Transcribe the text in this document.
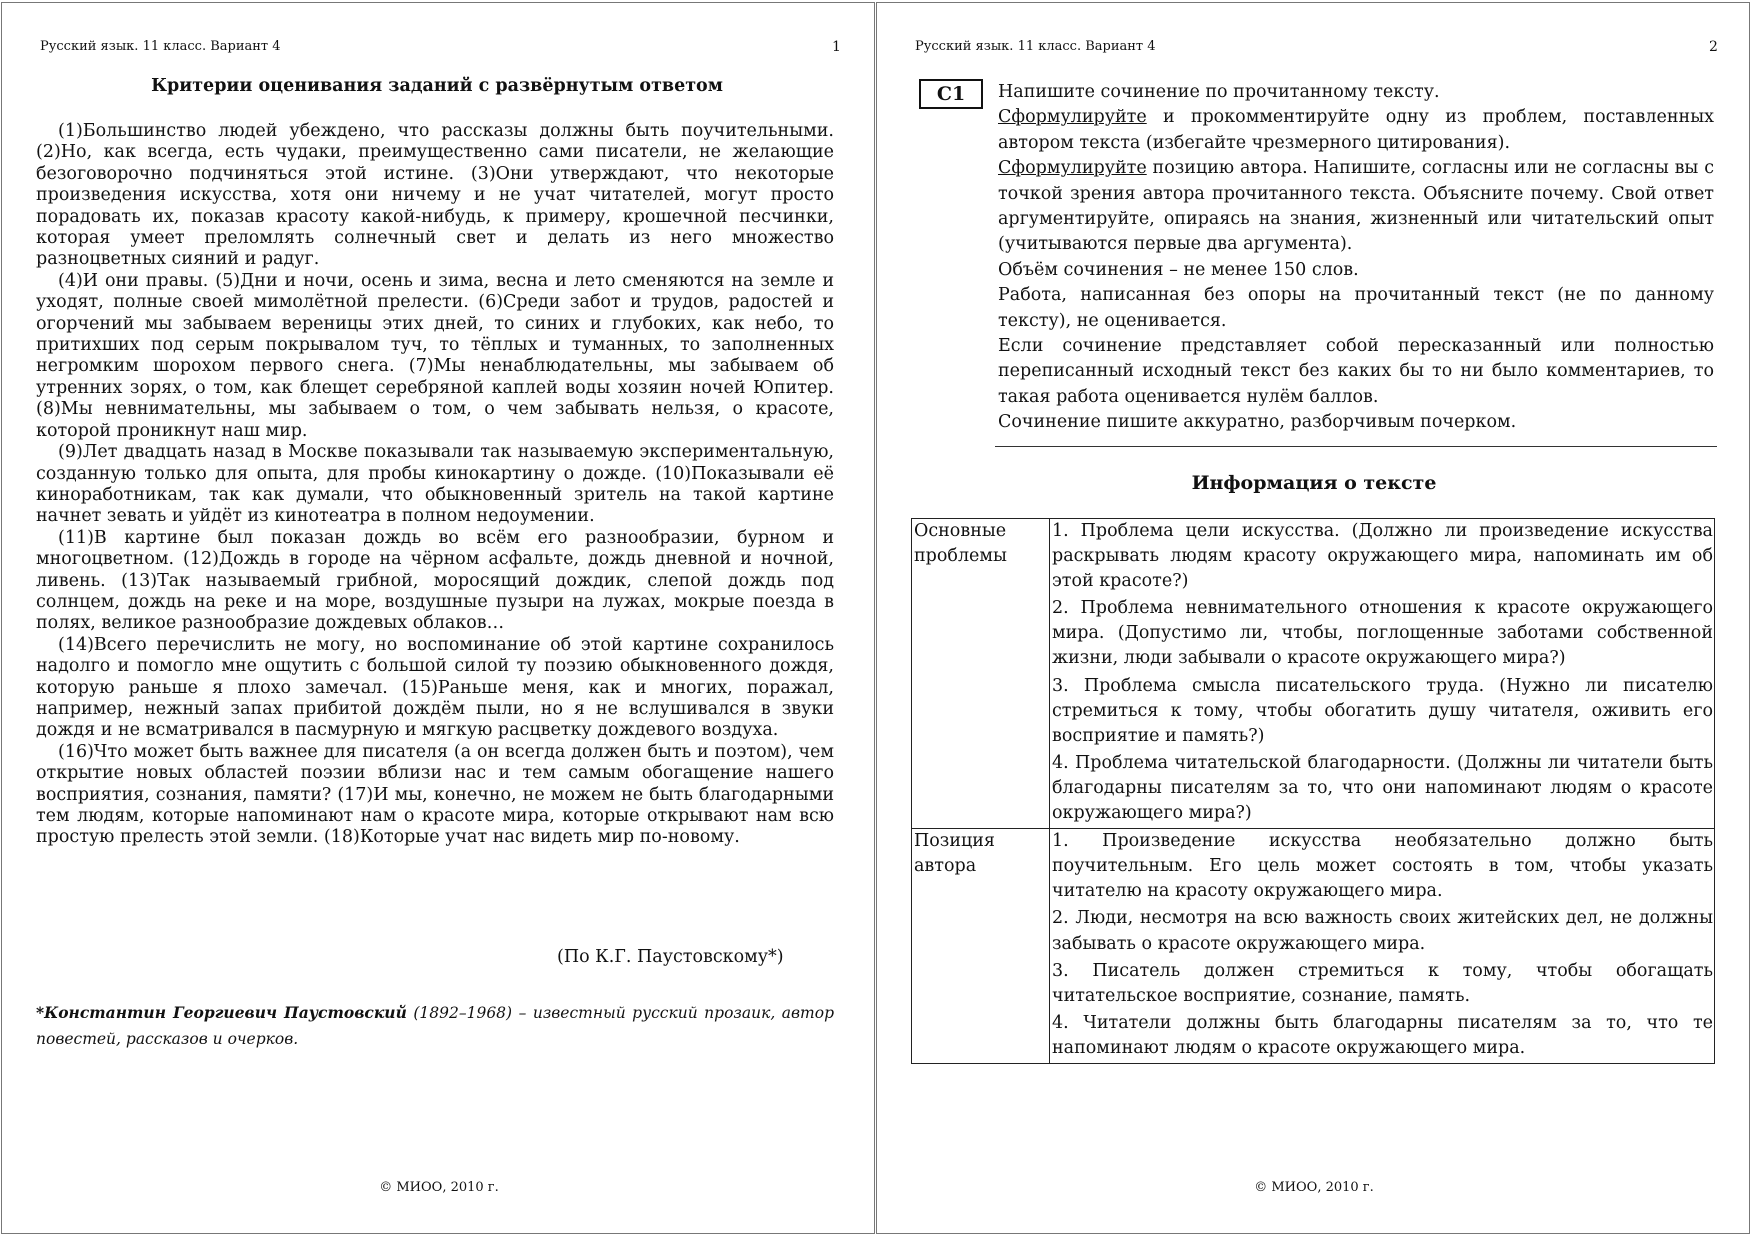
Русский язык. 11 класс. Вариант 4	1
Критерии оценивания заданий с развёрнутым ответом

(1)Большинство людей убеждено, что рассказы должны быть поучительными. (2)Но, как всегда, есть чудаки, преимущественно сами писатели, не желающие безоговорочно подчиняться этой истине. (3)Они утверждают, что некоторые произведения искусства, хотя они ничему и не учат читателей, могут просто порадовать их, показав красоту какой-нибудь, к примеру, крошечной песчинки, которая умеет преломлять солнечный свет и делать из него множество разноцветных сияний и радуг.

(4)И они правы. (5)Дни и ночи, осень и зима, весна и лето сменяются на земле и уходят, полные своей мимолётной прелести. (6)Среди забот и трудов, радостей и огорчений мы забываем вереницы этих дней, то синих и глубоких, как небо, то притихших под серым покрывалом туч, то тёплых и туманных, то заполненных негромким шорохом первого снега. (7)Мы ненаблюдательны, мы забываем об утренних зорях, о том, как блещет серебряной каплей воды хозяин ночей Юпитер. (8)Мы невнимательны, мы забываем о том, о чем забывать нельзя, о красоте, которой проникнут наш мир.

(9)Лет двадцать назад в Москве показывали так называемую экспериментальную, созданную только для опыта, для пробы кинокартину о дожде. (10)Показывали её киноработникам, так как думали, что обыкновенный зритель на такой картине начнет зевать и уйдёт из кинотеатра в полном недоумении.

(11)В картине был показан дождь во всём его разнообразии, бурном и многоцветном. (12)Дождь в городе на чёрном асфальте, дождь дневной и ночной, ливень. (13)Так называемый грибной, моросящий дождик, слепой дождь под солнцем, дождь на реке и на море, воздушные пузыри на лужах, мокрые поезда в полях, великое разнообразие дождевых облаков…

(14)Всего перечислить не могу, но воспоминание об этой картине сохранилось надолго и помогло мне ощутить с большой силой ту поэзию обыкновенного дождя, которую раньше я плохо замечал. (15)Раньше меня, как и многих, поражал, например, нежный запах прибитой дождём пыли, но я не вслушивался в звуки дождя и не всматривался в пасмурную и мягкую расцветку дождевого воздуха.

(16)Что может быть важнее для писателя (а он всегда должен быть и поэтом), чем открытие новых областей поэзии вблизи нас и тем самым обогащение нашего восприятия, сознания, памяти? (17)И мы, конечно, не можем не быть благодарными тем людям, которые напоминают нам о красоте мира, которые открывают нам всю простую прелесть этой земли. (18)Которые учат нас видеть мир по-новому.

(По К.Г. Паустовскому*)
*Константин Георгиевич Паустовский (1892–1968) – известный русский прозаик, автор повестей, рассказов и очерков.
© МИОО, 2010 г.
Русский язык. 11 класс. Вариант 4	2
С1	Напишите сочинение по прочитанному тексту.

Сформулируйте и прокомментируйте одну из проблем, поставленных автором текста (избегайте чрезмерного цитирования).

Сформулируйте позицию автора. Напишите, согласны или не согласны вы с точкой зрения автора прочитанного текста. Объясните почему. Свой ответ аргументируйте, опираясь на знания, жизненный или читательский опыт (учитываются первые два аргумента).

Объём сочинения – не менее 150 слов.

Работа, написанная без опоры на прочитанный текст (не по данному тексту), не оценивается.

Если сочинение представляет собой пересказанный или полностью переписанный исходный текст без каких бы то ни было комментариев, то такая работа оценивается нулём баллов.

Сочинение пишите аккуратно, разборчивым почерком.

Информация о тексте
Основные проблемы	1. Проблема цели искусства. (Должно ли произведение искусства раскрывать людям красоту окружающего мира, напоминать им об этой красоте?)

2. Проблема невнимательного отношения к красоте окружающего мира. (Допустимо ли, чтобы, поглощенные заботами собственной жизни, люди забывали о красоте окружающего мира?)

3. Проблема смысла писательского труда. (Нужно ли писателю стремиться к тому, чтобы обогатить душу читателя, оживить его восприятие и память?)

4. Проблема читательской благодарности. (Должны ли читатели быть благодарны писателям за то, что они напоминают людям о красоте окружающего мира?)

Позиция автора	1. Произведение искусства необязательно должно быть поучительным. Его цель может состоять в том, чтобы указать читателю на красоту окружающего мира.

2. Люди, несмотря на всю важность своих житейских дел, не должны забывать о красоте окружающего мира.

3. Писатель должен стремиться к тому, чтобы обогащать читательское восприятие, сознание, память.

4. Читатели должны быть благодарны писателям за то, что те напоминают людям о красоте окружающего мира.

© МИОО, 2010 г.
